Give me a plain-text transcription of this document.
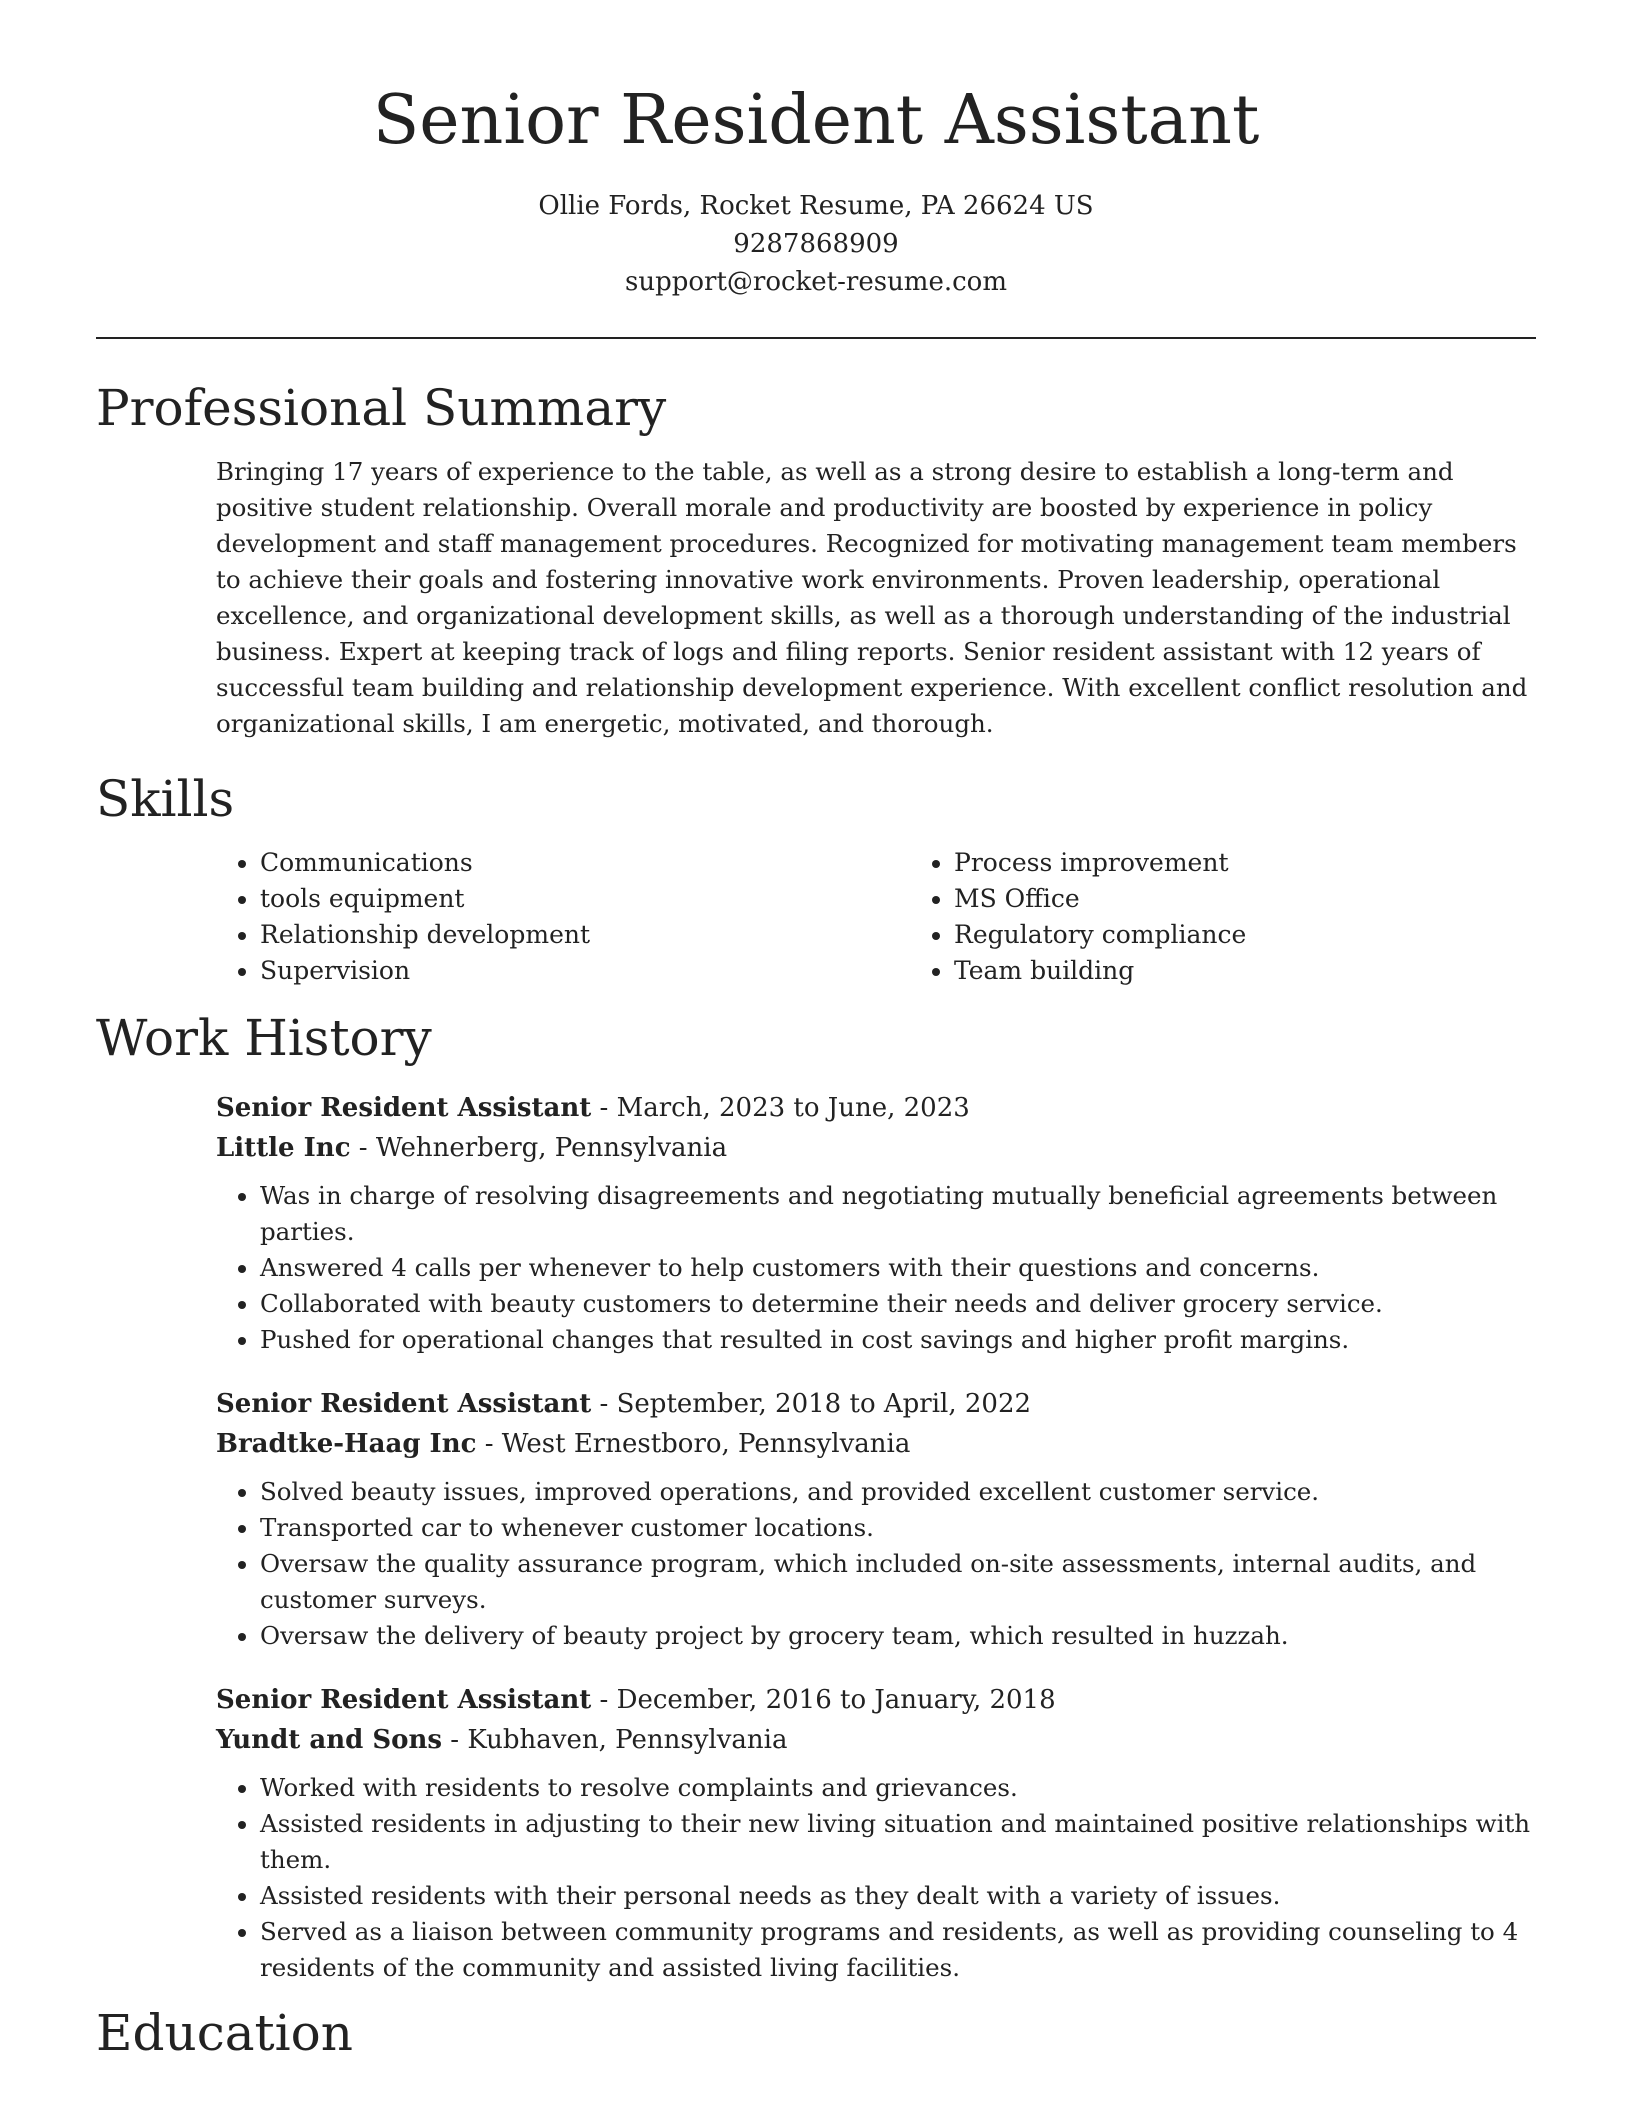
Senior Resident Assistant
Ollie Fords, Rocket Resume, PA 26624 US
9287868909
support@rocket-resume.com
Professional Summary

Bringing 17 years of experience to the table, as well as a strong desire to establish a long-term and positive student relationship. Overall morale and productivity are boosted by experience in policy development and staff management procedures. Recognized for motivating management team members to achieve their goals and fostering innovative work environments. Proven leadership, operational excellence, and organizational development skills, as well as a thorough understanding of the industrial business. Expert at keeping track of logs and filing reports. Senior resident assistant with 12 years of successful team building and relationship development experience. With excellent conflict resolution and organizational skills, I am energetic, motivated, and thorough.

Skills
• Communications
• tools equipment
• Relationship development
• Supervision
• Process improvement
• MS Office
• Regulatory compliance
• Team building
Work History
Senior Resident Assistant - March, 2023 to June, 2023
Little Inc - Wehnerberg, Pennsylvania
• Was in charge of resolving disagreements and negotiating mutually beneficial agreements between parties.
• Answered 4 calls per whenever to help customers with their questions and concerns.
• Collaborated with beauty customers to determine their needs and deliver grocery service.
• Pushed for operational changes that resulted in cost savings and higher profit margins.
Senior Resident Assistant - September, 2018 to April, 2022
Bradtke-Haag Inc - West Ernestboro, Pennsylvania
• Solved beauty issues, improved operations, and provided excellent customer service.
• Transported car to whenever customer locations.
• Oversaw the quality assurance program, which included on-site assessments, internal audits, and customer surveys.
• Oversaw the delivery of beauty project by grocery team, which resulted in huzzah.
Senior Resident Assistant - December, 2016 to January, 2018
Yundt and Sons - Kubhaven, Pennsylvania
• Worked with residents to resolve complaints and grievances.
• Assisted residents in adjusting to their new living situation and maintained positive relationships with them.
• Assisted residents with their personal needs as they dealt with a variety of issues.
• Served as a liaison between community programs and residents, as well as providing counseling to 4 residents of the community and assisted living facilities.
Education
